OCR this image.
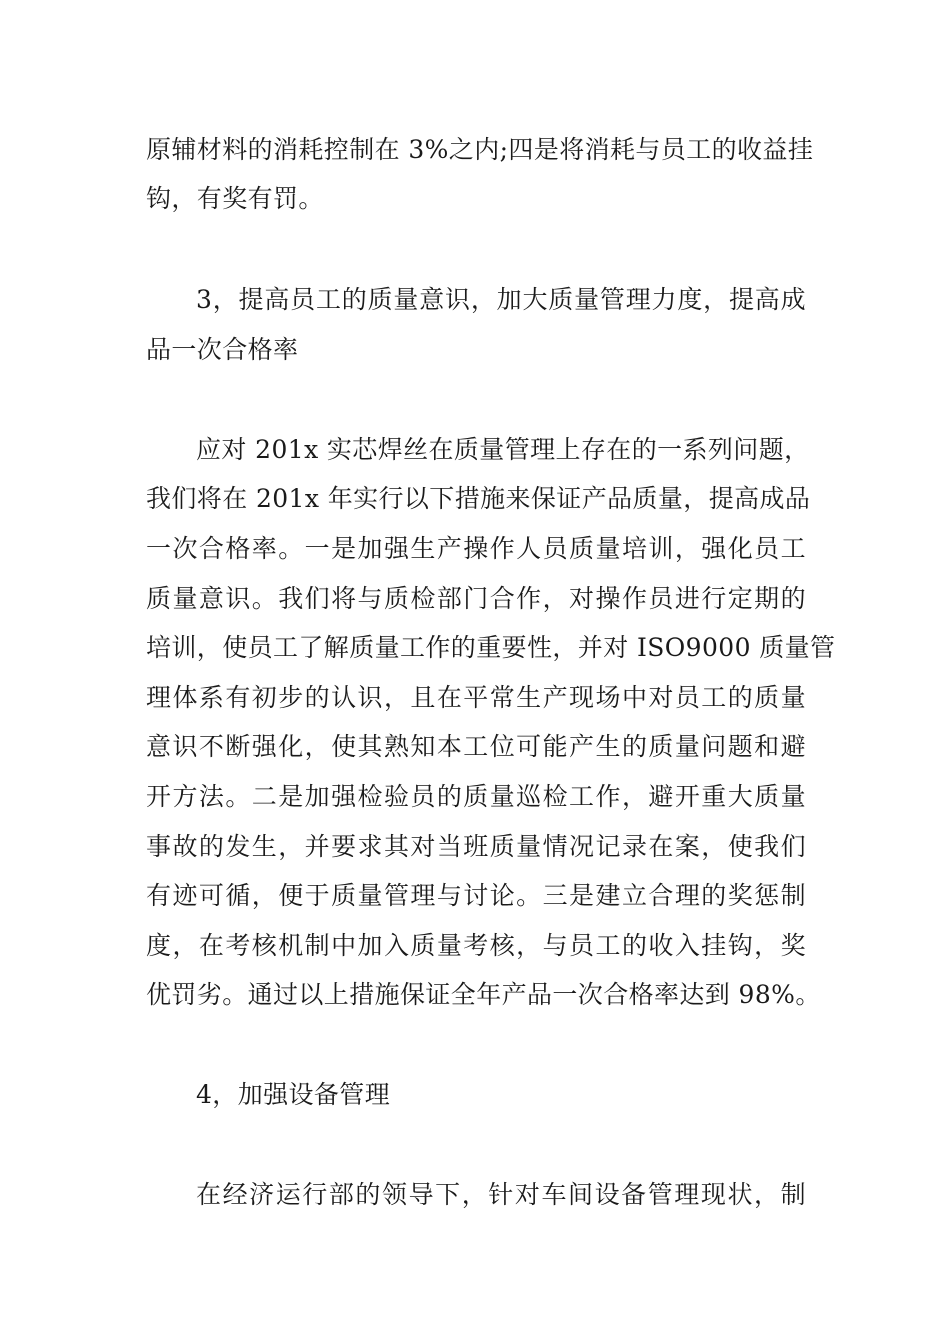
原辅材料的消耗控制在 3%之内;四是将消耗与员工的收益挂
钩，有奖有罚。
3，提高员工的质量意识，加大质量管理力度，提高成
品一次合格率
应对 201x 实芯焊丝在质量管理上存在的一系列问题，
我们将在 201x 年实行以下措施来保证产品质量，提高成品
一次合格率。一是加强生产操作人员质量培训，强化员工
质量意识。我们将与质检部门合作，对操作员进行定期的
培训，使员工了解质量工作的重要性，并对 ISO9000 质量管
理体系有初步的认识，且在平常生产现场中对员工的质量
意识不断强化，使其熟知本工位可能产生的质量问题和避
开方法。二是加强检验员的质量巡检工作，避开重大质量
事故的发生，并要求其对当班质量情况记录在案，使我们
有迹可循，便于质量管理与讨论。三是建立合理的奖惩制
度，在考核机制中加入质量考核，与员工的收入挂钩，奖
优罚劣。通过以上措施保证全年产品一次合格率达到 98%。
4，加强设备管理
在经济运行部的领导下，针对车间设备管理现状，制
